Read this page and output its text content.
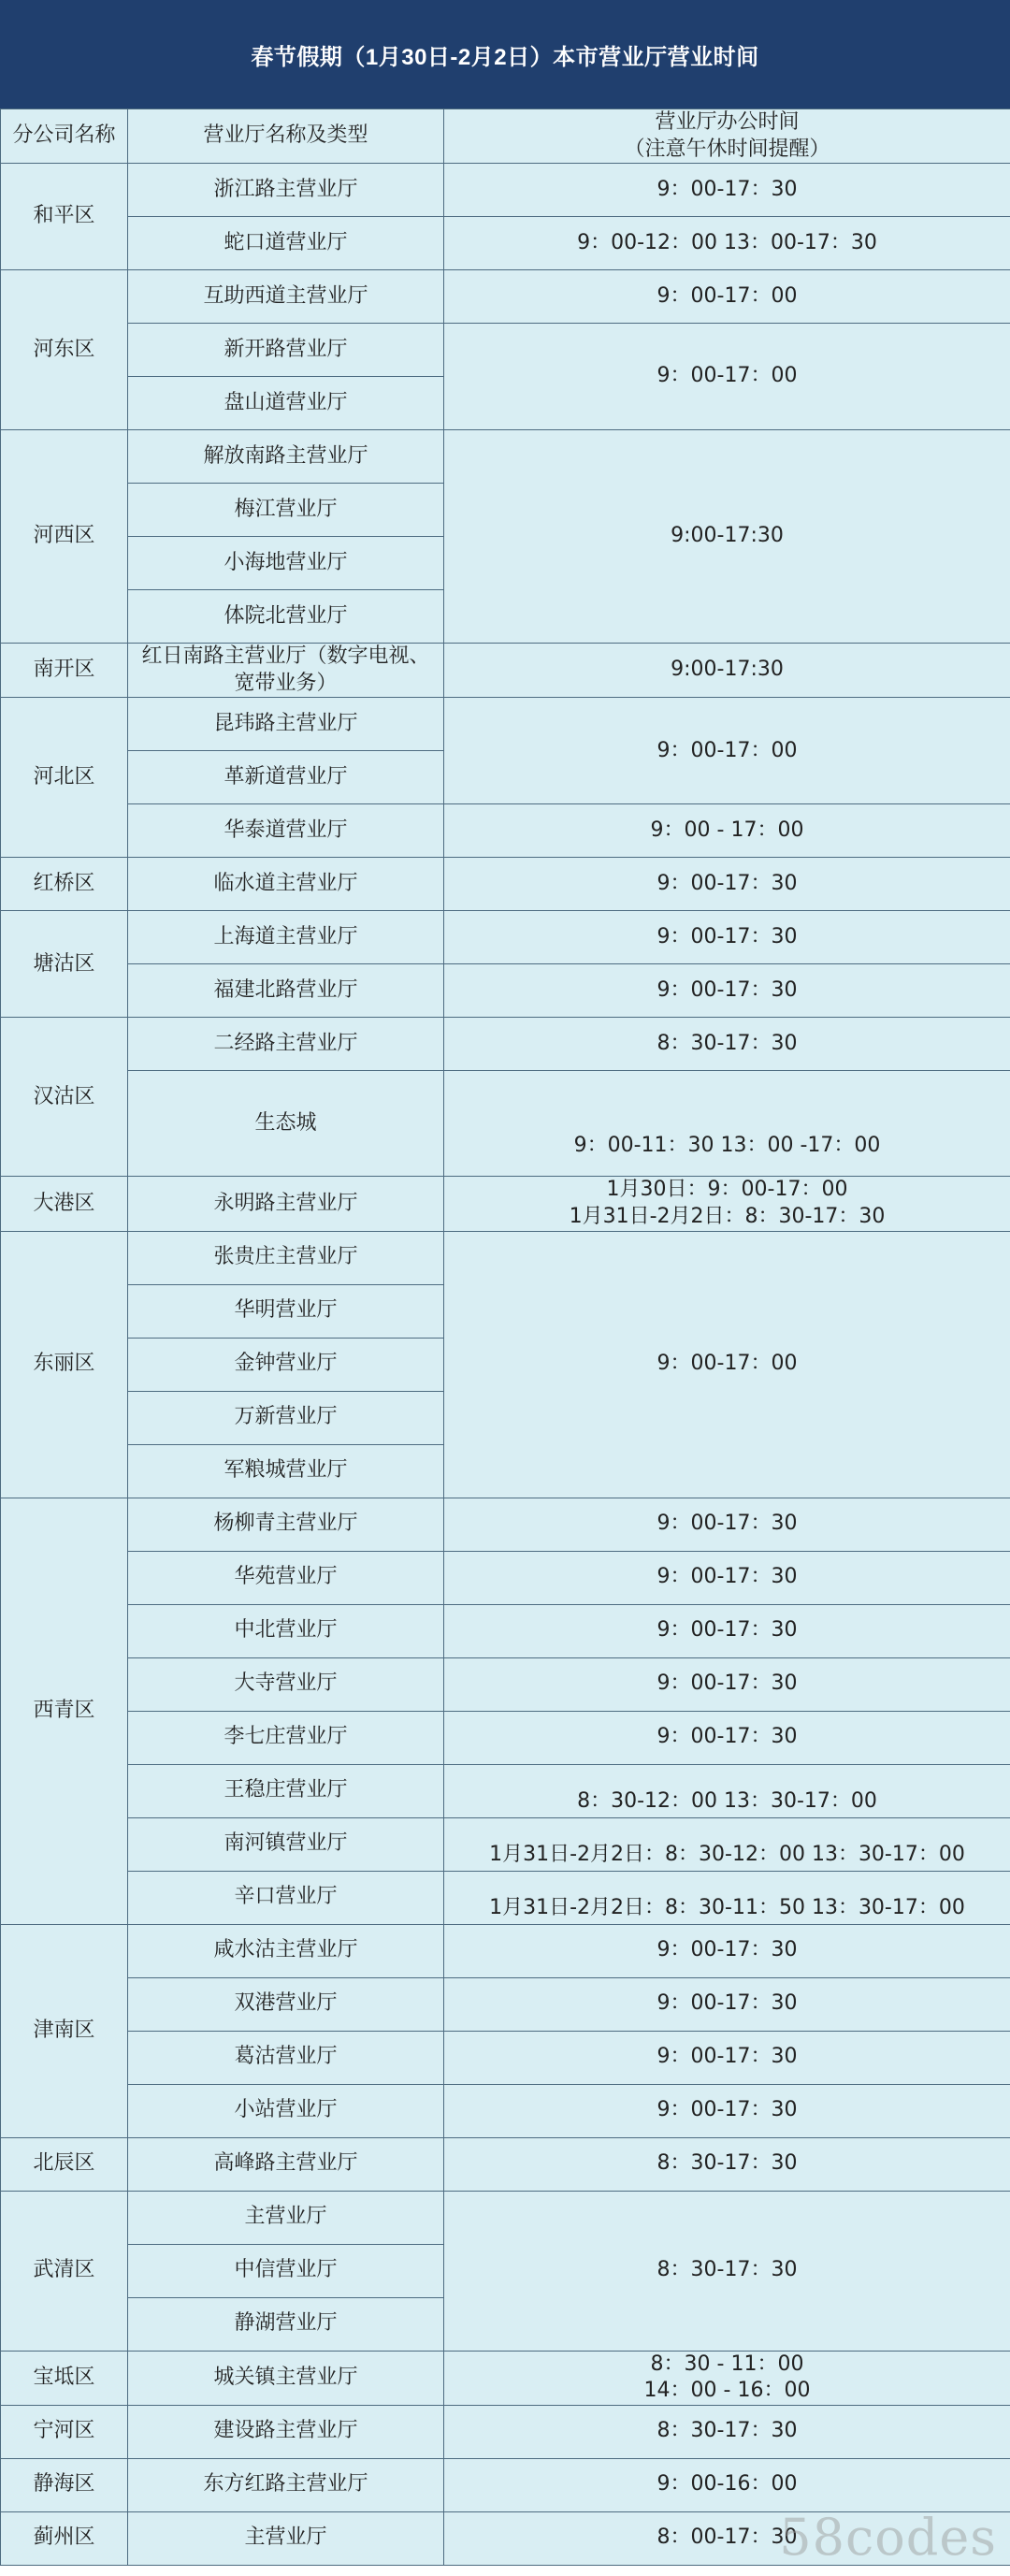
春节假期（1月30日-2月2日）本市营业厅营业时间
分公司名称	营业厅名称及类型	营业厅办公时间
（注意午休时间提醒）
和平区	浙江路主营业厅	9：00-17：30
	蛇口道营业厅	9：00-12：00 13：00-17：30
河东区	互助西道主营业厅	9：00-17：00
	新开路营业厅	9：00-17：00
	盘山道营业厅	
河西区	解放南路主营业厅	9:00-17:30
	梅江营业厅	
	小海地营业厅	
	体院北营业厅	
南开区	红日南路主营业厅（数字电视、宽带业务）	9:00-17:30
河北区	昆玮路主营业厅	9：00-17：00
	革新道营业厅	
	华泰道营业厅	9：00 - 17：00
红桥区	临水道主营业厅	9：00-17：30
塘沽区	上海道主营业厅	9：00-17：30
	福建北路营业厅	9：00-17：30
汉沽区	二经路主营业厅	8：30-17：30
	生态城	9：00-11：30 13：00 -17：00
大港区	永明路主营业厅	1月30日：9：00-17：00
1月31日-2月2日：8：30-17：30
东丽区	张贵庄主营业厅	9：00-17：00
	华明营业厅	
	金钟营业厅	
	万新营业厅	
	军粮城营业厅	
西青区	杨柳青主营业厅	9：00-17：30
	华苑营业厅	9：00-17：30
	中北营业厅	9：00-17：30
	大寺营业厅	9：00-17：30
	李七庄营业厅	9：00-17：30
	王稳庄营业厅	8：30-12：00 13：30-17：00
	南河镇营业厅	1月31日-2月2日：8：30-12：00 13：30-17：00
	辛口营业厅	1月31日-2月2日：8：30-11：50 13：30-17：00
津南区	咸水沽主营业厅	9：00-17：30
	双港营业厅	9：00-17：30
	葛沽营业厅	9：00-17：30
	小站营业厅	9：00-17：30
北辰区	高峰路主营业厅	8：30-17：30
武清区	主营业厅	8：30-17：30
	中信营业厅	
	静湖营业厅	
宝坻区	城关镇主营业厅	8：30 - 11：00
14：00 - 16：00
宁河区	建设路主营业厅	8：30-17：30
静海区	东方红路主营业厅	9：00-16：00
蓟州区	主营业厅	8：00-17：30
58codes
